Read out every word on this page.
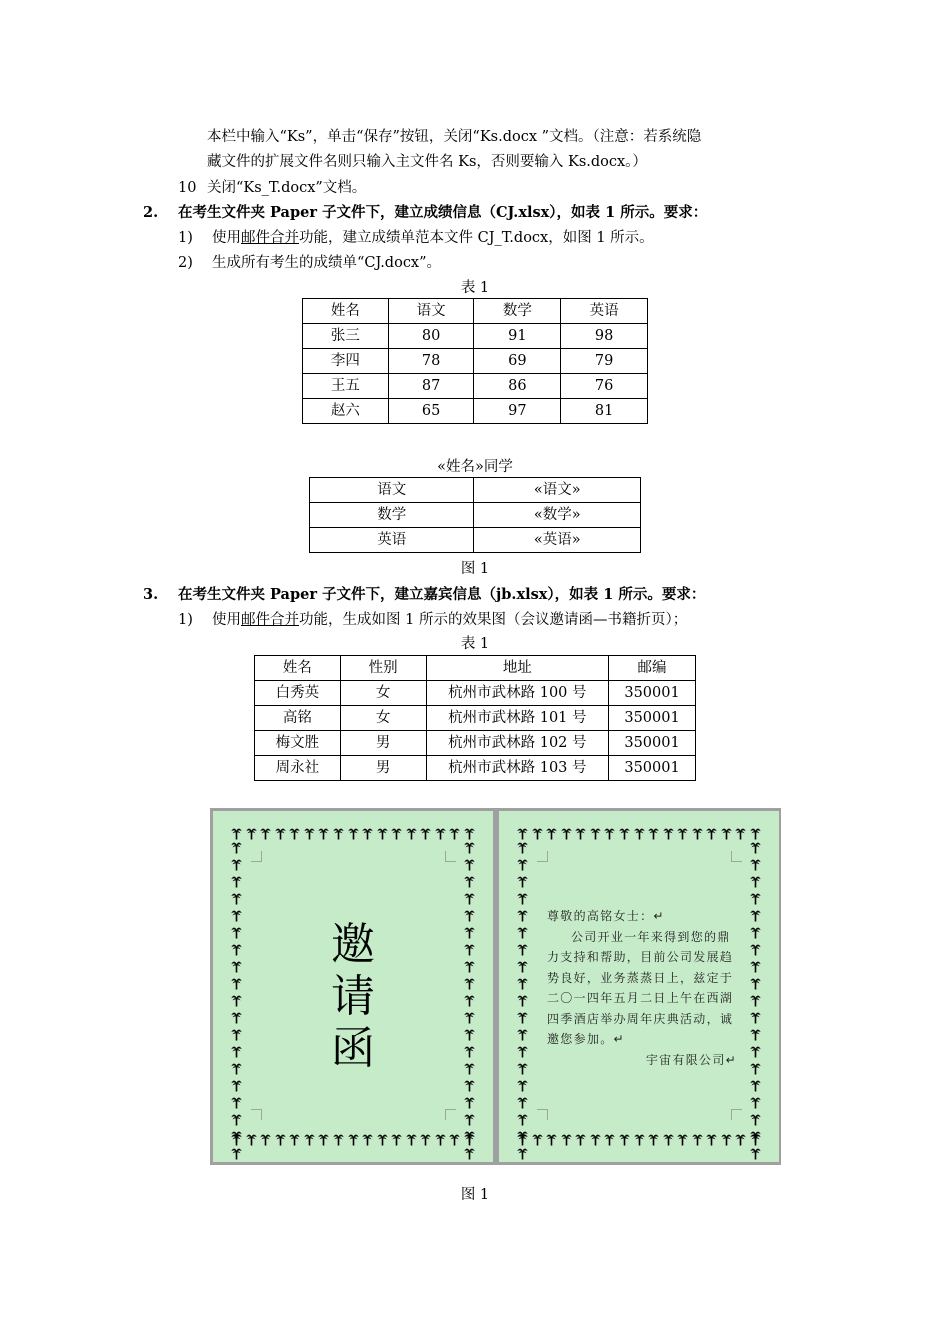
本栏中输入“Ks”，单击“保存”按钮，关闭“Ks.docx ”文档。（注意：若系统隐
藏文件的扩展文件名则只输入主文件名 Ks，否则要输入 Ks.docx。）
10 关闭“Ks_T.docx”文档。
2. 在考生文件夹 Paper 子文件下，建立成绩信息（CJ.xlsx），如表 1 所示。要求：
1) 使用邮件合并功能，建立成绩单范本文件 CJ_T.docx，如图 1 所示。
2) 生成所有考生的成绩单“CJ.docx”。
表 1
姓名	语文	数学	英语
张三	80	91	98
李四	78	69	79
王五	87	86	76
赵六	65	97	81
«姓名»同学
语文	«语文»
数学	«数学»
英语	«英语»
图 1
3. 在考生文件夹 Paper 子文件下，建立嘉宾信息（jb.xlsx），如表 1 所示。要求：
1) 使用邮件合并功能，生成如图 1 所示的效果图（会议邀请函—书籍折页）；
表 1
姓名	性别	地址	邮编
白秀英	女	杭州市武林路 100 号	350001
高铭	女	杭州市武林路 101 号	350001
梅文胜	男	杭州市武林路 102 号	350001
周永社	男	杭州市武林路 103 号	350001
邀
请
函

尊敬的高铭女士：↵

公司开业一年来得到您的鼎力支持和帮助，目前公司发展趋势良好，业务蒸蒸日上，兹定于二〇一四年五月二日上午在西湖四季酒店举办周年庆典活动，诚邀您参加。↵

宇宙有限公司↵

图 1
